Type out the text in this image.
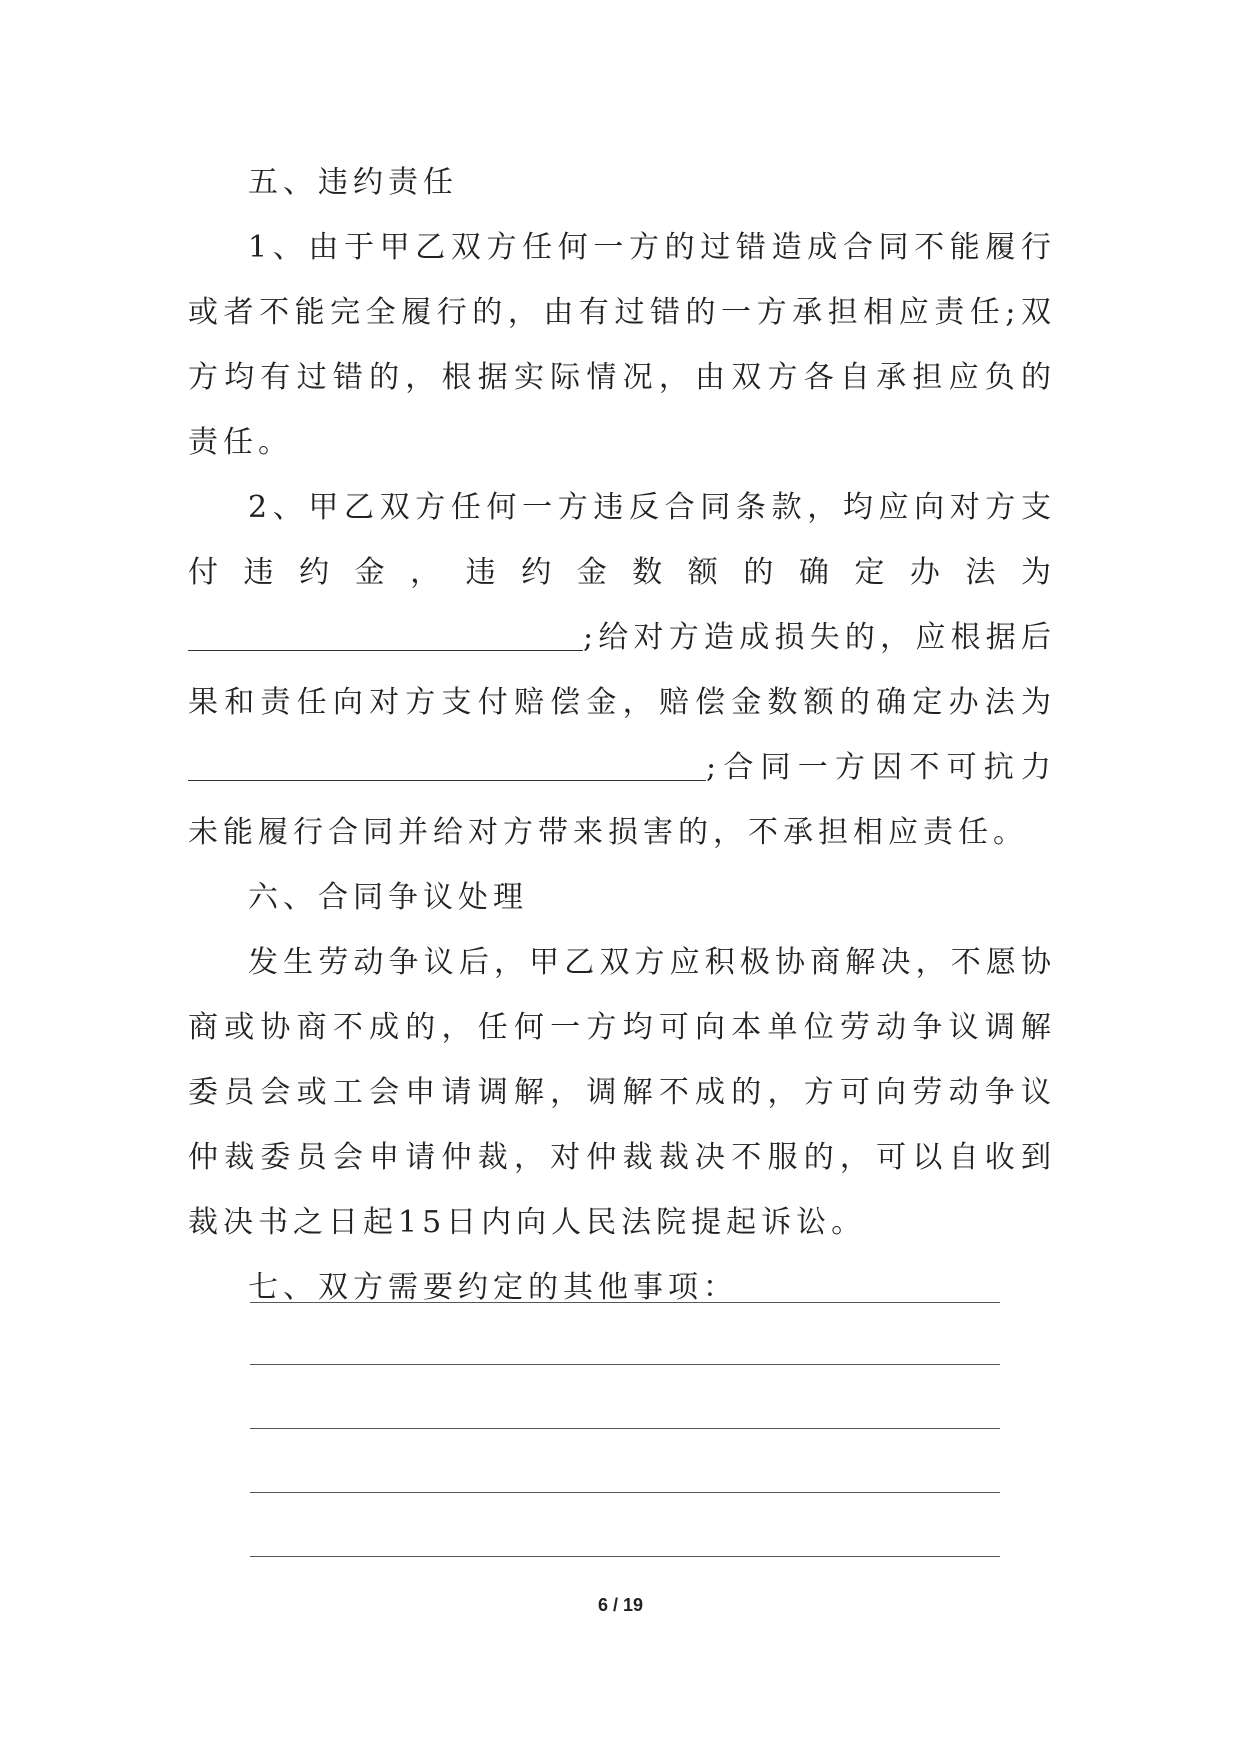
五、违约责任

1、由于甲乙双方任何一方的过错造成合同不能履行或者不能完全履行的，由有过错的一方承担相应责任;双方均有过错的，根据实际情况，由双方各自承担应负的责任。

2、甲乙双方任何一方违反合同条款，均应向对方支付违约金，违约金数额的确定办法为;给对方造成损失的，应根据后果和责任向对方支付赔偿金，赔偿金数额的确定办法为;合同一方因不可抗力未能履行合同并给对方带来损害的，不承担相应责任。

六、合同争议处理

发生劳动争议后，甲乙双方应积极协商解决，不愿协商或协商不成的，任何一方均可向本单位劳动争议调解委员会或工会申请调解，调解不成的，方可向劳动争议仲裁委员会申请仲裁，对仲裁裁决不服的，可以自收到裁决书之日起15日内向人民法院提起诉讼。

七、双方需要约定的其他事项：

6 / 19
